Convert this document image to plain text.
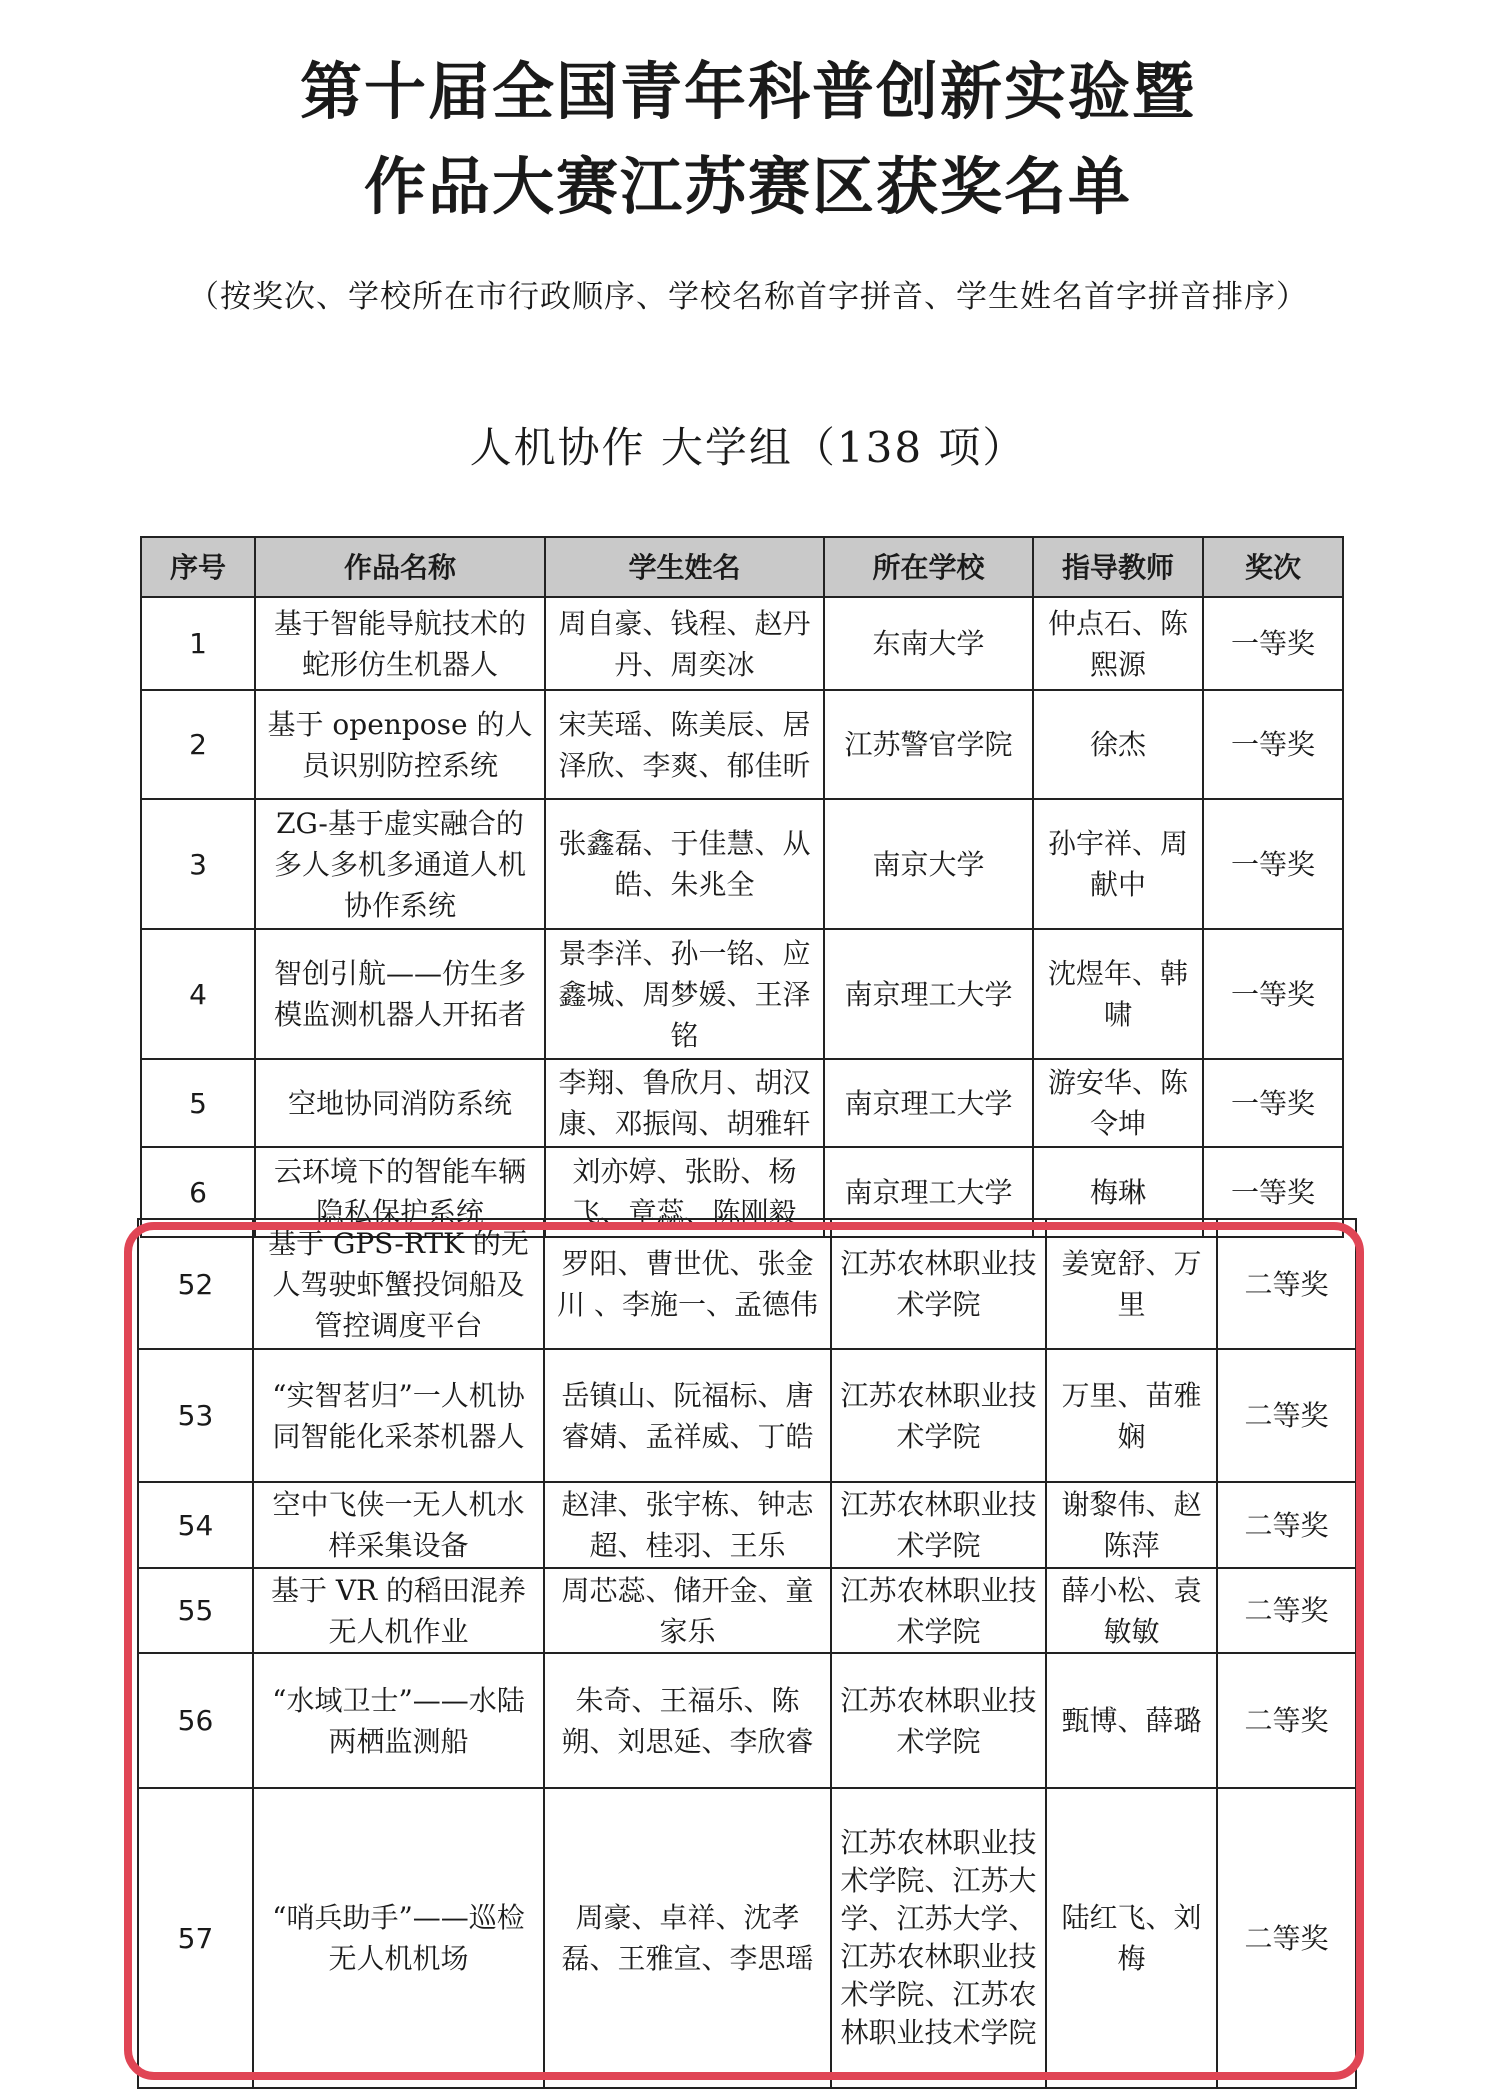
第十届全国青年科普创新实验暨
作品大赛江苏赛区获奖名单
（按奖次、学校所在市行政顺序、学校名称首字拼音、学生姓名首字拼音排序）
人机协作 大学组（138 项）
序号	作品名称	学生姓名	所在学校	指导教师	奖次
1	基于智能导航技术的蛇形仿生机器人	周自豪、钱程、赵丹丹、周奕冰	东南大学	仲点石、陈熙源	一等奖
2	基于 openpose 的人员识别防控系统	宋芙瑶、陈美辰、居泽欣、李爽、郁佳昕	江苏警官学院	徐杰	一等奖
3	ZG-基于虚实融合的多人多机多通道人机协作系统	张鑫磊、于佳慧、从皓、朱兆全	南京大学	孙宇祥、周献中	一等奖
4	智创引航——仿生多模监测机器人开拓者	景李洋、孙一铭、应鑫城、周梦媛、王泽铭	南京理工大学	沈煜年、韩啸	一等奖
5	空地协同消防系统	李翔、鲁欣月、胡汉康、邓振闯、胡雅轩	南京理工大学	游安华、陈令坤	一等奖
6	云环境下的智能车辆隐私保护系统	刘亦婷、张盼、杨飞、章蕊、陈刚毅	南京理工大学	梅琳	一等奖
52	基于 GPS-RTK 的无人驾驶虾蟹投饲船及管控调度平台	罗阳、曹世优、张金川 、李施一、孟德伟	江苏农林职业技术学院	姜宽舒、万里	二等奖
53	“实智茗归”一人机协同智能化采茶机器人	岳镇山、阮福标、唐睿婧、孟祥威、丁皓	江苏农林职业技术学院	万里、苗雅娴	二等奖
54	空中飞侠一无人机水样采集设备	赵津、张宇栋、钟志超、桂羽、王乐	江苏农林职业技术学院	谢黎伟、赵陈萍	二等奖
55	基于 VR 的稻田混养无人机作业	周芯蕊、储开金、童家乐	江苏农林职业技术学院	薛小松、袁敏敏	二等奖
56	“水域卫士”——水陆两栖监测船	朱奇、王福乐、陈朔、刘思延、李欣睿	江苏农林职业技术学院	甄博、薛璐	二等奖
57	“哨兵助手”——巡检无人机机场	周豪、卓祥、沈孝磊、王雅宣、李思瑶	江苏农林职业技术学院、江苏大学、江苏大学、江苏农林职业技术学院、江苏农林职业技术学院	陆红飞、刘梅	二等奖
